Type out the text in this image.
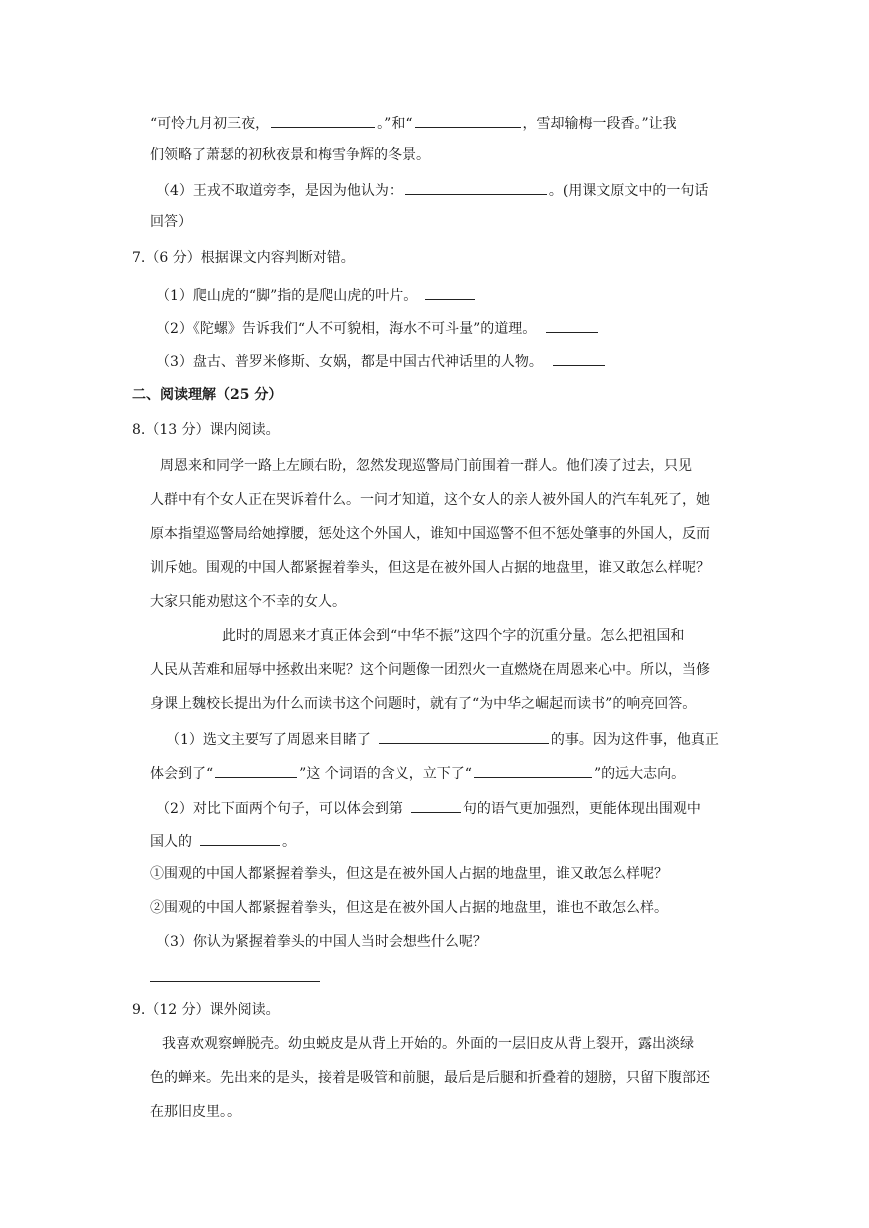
“可怜九月初三夜，	。”和“	，雪却输梅一段香。”让我
们领略了萧瑟的初秋夜景和梅雪争辉的冬景。
（4）王戎不取道旁李，是因为他认为：	。(用课文原文中的一句话
回答）
7.（6 分）根据课文内容判断对错。
（1）爬山虎的“脚”指的是爬山虎的叶片。
（2）《陀螺》告诉我们“人不可貌相，海水不可斗量”的道理。
（3）盘古、普罗米修斯、女娲，都是中国古代神话里的人物。
二、阅读理解（25 分）
8.（13 分）课内阅读。
周恩来和同学一路上左顾右盼，忽然发现巡警局门前围着一群人。他们凑了过去，只见
人群中有个女人正在哭诉着什么。一问才知道，这个女人的亲人被外国人的汽车轧死了，她
原本指望巡警局给她撑腰，惩处这个外国人，谁知中国巡警不但不惩处肇事的外国人，反而
训斥她。围观的中国人都紧握着拳头，但这是在被外国人占据的地盘里，谁又敢怎么样呢？
大家只能劝慰这个不幸的女人。
此时的周恩来才真正体会到“中华不振”这四个字的沉重分量。怎么把祖国和
人民从苦难和屈辱中拯救出来呢？这个问题像一团烈火一直燃烧在周恩来心中。所以，当修
身课上魏校长提出为什么而读书这个问题时，就有了“为中华之崛起而读书”的响亮回答。
（1）选文主要写了周恩来目睹了	的事。因为这件事，他真正
体会到了“	”这 个词语的含义，立下了“	”的远大志向。
（2）对比下面两个句子，可以体会到第	句的语气更加强烈，更能体现出围观中
国人的	。
①围观的中国人都紧握着拳头，但这是在被外国人占据的地盘里，谁又敢怎么样呢？
②围观的中国人都紧握着拳头，但这是在被外国人占据的地盘里，谁也不敢怎么样。
（3）你认为紧握着拳头的中国人当时会想些什么呢？
9.（12 分）课外阅读。
我喜欢观察蝉脱壳。幼虫蜕皮是从背上开始的。外面的一层旧皮从背上裂开，露出淡绿
色的蝉来。先出来的是头，接着是吸管和前腿，最后是后腿和折叠着的翅膀，只留下腹部还
在那旧皮里。。
